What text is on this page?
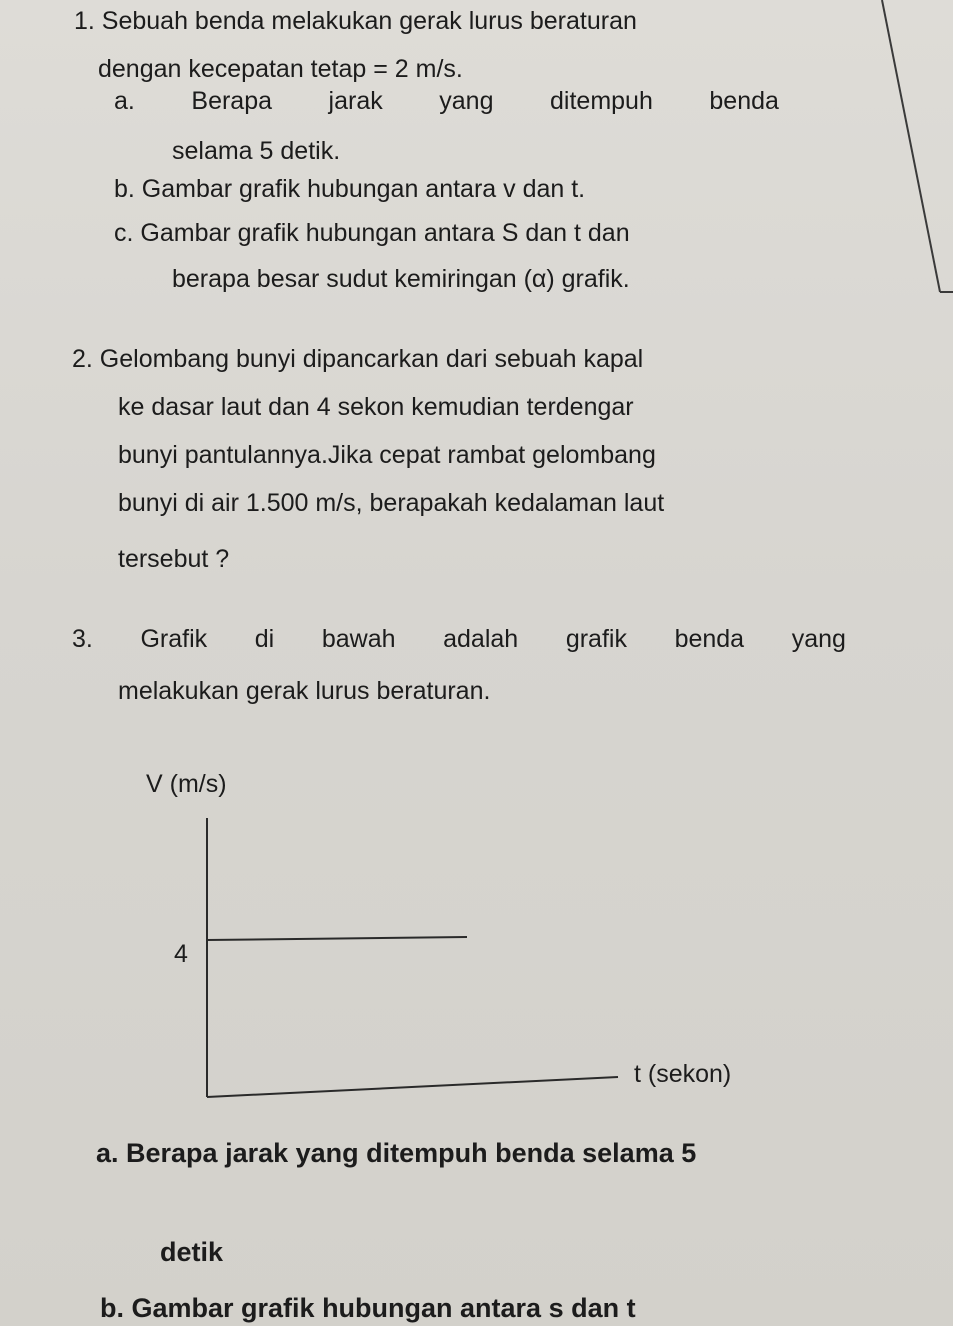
1. Sebuah benda melakukan gerak lurus beraturan
dengan kecepatan tetap = 2 m/s.
a. Berapa jarak yang ditempuh benda
selama 5 detik.
b. Gambar grafik hubungan antara v dan t.
c. Gambar grafik hubungan antara S dan t dan
berapa besar sudut kemiringan (α) grafik.
2. Gelombang bunyi dipancarkan dari sebuah kapal
ke dasar laut dan 4 sekon kemudian terdengar
bunyi pantulannya.Jika cepat rambat gelombang
bunyi di air 1.500 m/s, berapakah kedalaman laut
tersebut ?
3. Grafik di bawah adalah grafik benda yang
melakukan gerak lurus beraturan.
V (m/s)
4
t (sekon)
a. Berapa jarak yang ditempuh benda selama 5
detik
b. Gambar grafik hubungan antara s dan t
